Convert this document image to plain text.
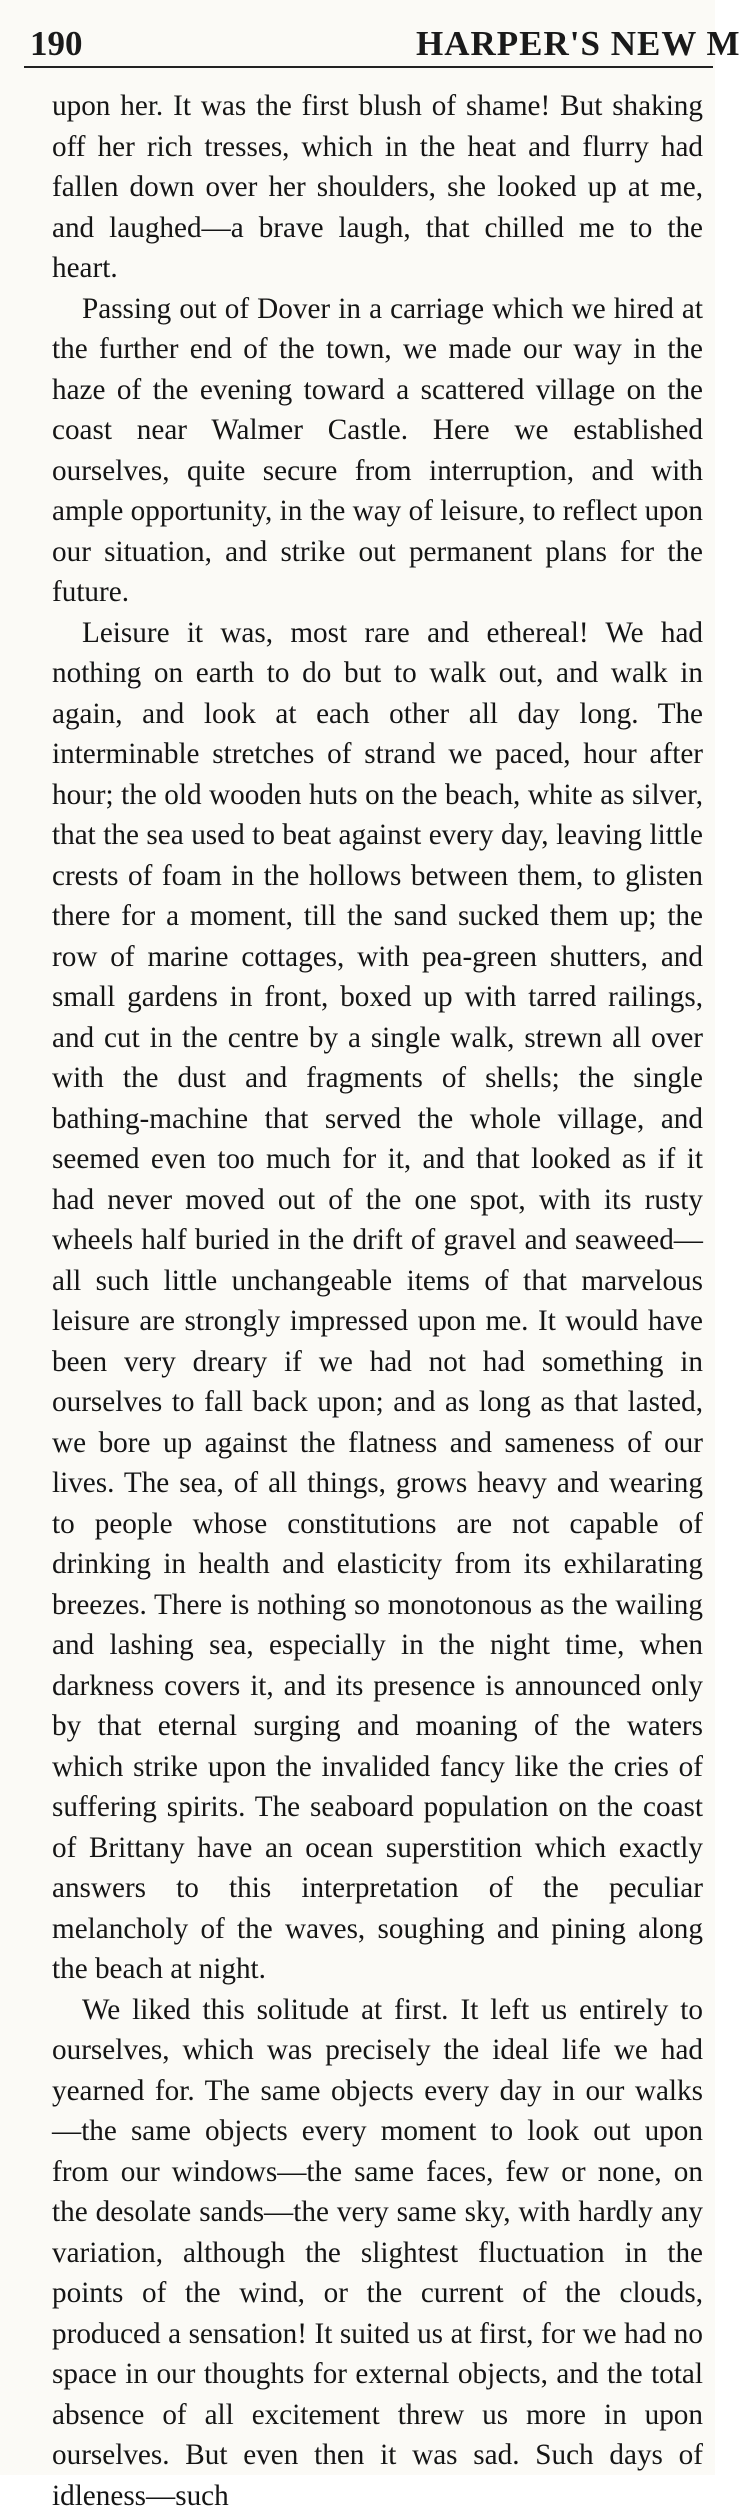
190	HARPER'S NEW M

upon her. It was the first blush of shame! But shaking off her rich tresses, which in the heat and flurry had fallen down over her shoulders, she looked up at me, and laughed—a brave laugh, that chilled me to the heart.

Passing out of Dover in a carriage which we hired at the further end of the town, we made our way in the haze of the evening toward a scattered village on the coast near Walmer Castle. Here we established ourselves, quite secure from interruption, and with ample opportunity, in the way of leisure, to reflect upon our situation, and strike out permanent plans for the future.

Leisure it was, most rare and ethereal! We had nothing on earth to do but to walk out, and walk in again, and look at each other all day long. The interminable stretches of strand we paced, hour after hour; the old wooden huts on the beach, white as silver, that the sea used to beat against every day, leaving little crests of foam in the hollows between them, to glisten there for a moment, till the sand sucked them up; the row of marine cottages, with pea-green shutters, and small gardens in front, boxed up with tarred railings, and cut in the centre by a single walk, strewn all over with the dust and fragments of shells; the single bathing-machine that served the whole village, and seemed even too much for it, and that looked as if it had never moved out of the one spot, with its rusty wheels half buried in the drift of gravel and seaweed—all such little unchangeable items of that marvelous leisure are strongly impressed upon me. It would have been very dreary if we had not had something in ourselves to fall back upon; and as long as that lasted, we bore up against the flatness and sameness of our lives. The sea, of all things, grows heavy and wearing to people whose constitutions are not capable of drinking in health and elasticity from its exhilarating breezes. There is nothing so monotonous as the wailing and lashing sea, especially in the night time, when darkness covers it, and its presence is announced only by that eternal surging and moaning of the waters which strike upon the invalided fancy like the cries of suffering spirits. The seaboard population on the coast of Brittany have an ocean superstition which exactly answers to this interpretation of the peculiar melancholy of the waves, soughing and pining along the beach at night.

We liked this solitude at first. It left us entirely to ourselves, which was precisely the ideal life we had yearned for. The same objects every day in our walks—the same objects every moment to look out upon from our windows—the same faces, few or none, on the desolate sands—the very same sky, with hardly any variation, although the slightest fluctuation in the points of the wind, or the current of the clouds, produced a sensation! It suited us at first, for we had no space in our thoughts for external objects, and the total absence of all excitement threw us more in upon ourselves. But even then it was sad. Such days of idleness—such
